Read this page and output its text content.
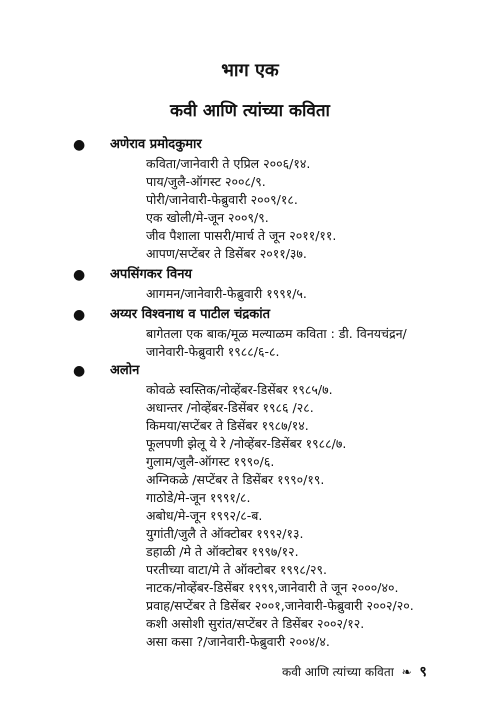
भाग एक
कवी आणि त्यांच्या कविता
● अणेराव प्रमोदकुमार
कविता/जानेवारी ते एप्रिल २००६/१४.
पाय/जुलै-ऑगस्ट २००८/९.
पोरी/जानेवारी-फेब्रुवारी २००९/१८.
एक खोली/मे-जून २००९/९.
जीव पैशाला पासरी/मार्च ते जून २०११/११.
आपण/सप्टेंबर ते डिसेंबर २०११/३७.
● अपसिंगकर विनय
आगमन/जानेवारी-फेब्रुवारी १९९१/५.
● अय्यर विश्वनाथ व पाटील चंद्रकांत
बागेतला एक बाक/मूळ मल्याळम कविता : डी. विनयचंद्रन/
जानेवारी-फेब्रुवारी १९८८/६-८.
● अलोन
कोवळे स्वस्तिक/नोव्हेंबर-डिसेंबर १९८५/७.
अधान्तर /नोव्हेंबर-डिसेंबर १९८६ /२८.
किमया/सप्टेंबर ते डिसेंबर १९८७/१४.
फूलपणी झेलू ये रे /नोव्हेंबर-डिसेंबर १९८८/७.
गुलाम/जुलै-ऑगस्ट १९९०/६.
अग्निकळे /सप्टेंबर ते डिसेंबर १९९०/१९.
गाठोडे/मे-जून १९९१/८.
अबोध/मे-जून १९९२/८-ब.
युगांती/जुलै ते ऑक्टोबर १९९२/१३.
डहाळी /मे ते ऑक्टोबर १९९७/१२.
परतीच्या वाटा/मे ते ऑक्टोबर १९९८/२९.
नाटक/नोव्हेंबर-डिसेंबर १९९९,जानेवारी ते जून २०००/४०.
प्रवाह/सप्टेंबर ते डिसेंबर २००१,जानेवारी-फेब्रुवारी २००२/२०.
कशी असोशी सुरांत/सप्टेंबर ते डिसेंबर २००२/१२.
असा कसा ?/जानेवारी-फेब्रुवारी २००४/४.
कवी आणि त्यांच्या कविता ❧ ९
